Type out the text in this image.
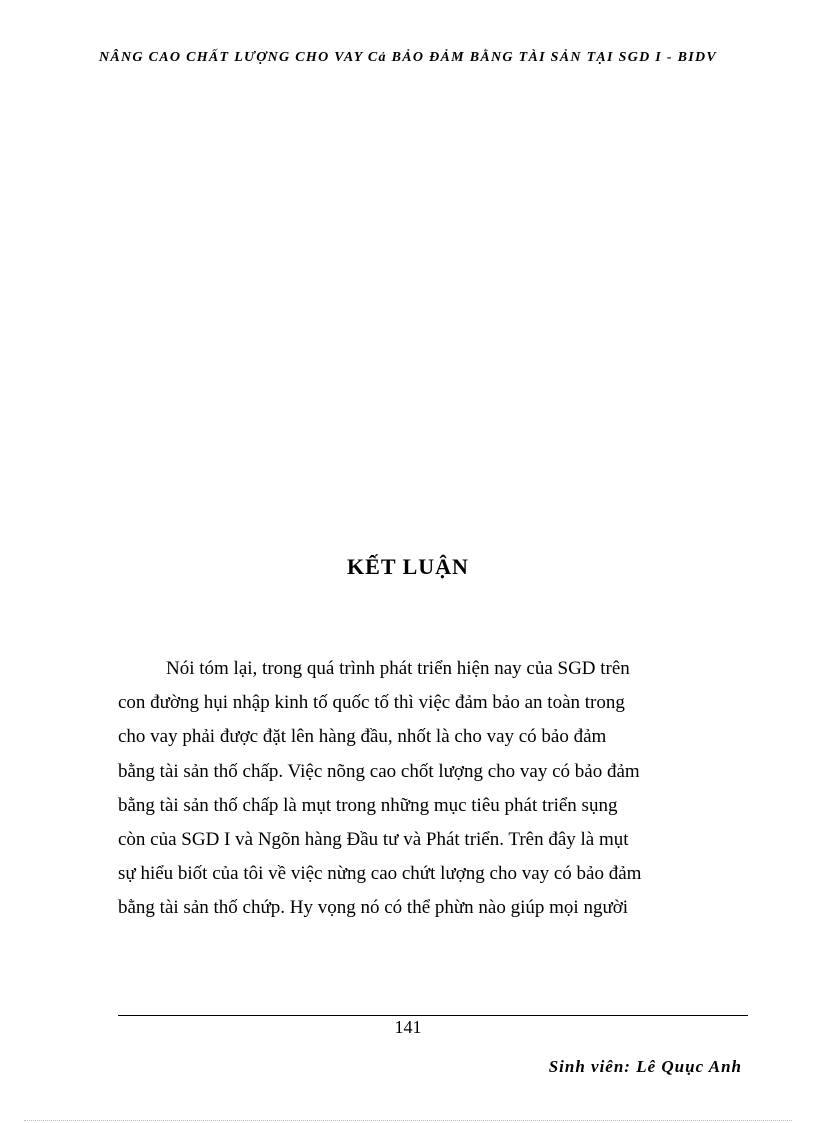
NÂNG CAO CHẤT LƯỢNG CHO VAY Cả BẢO ĐẢM BẰNG TÀI SẢN TẠI SGD I - BIDV
KẾT LUẬN
Nói tóm lại, trong quá trình phát triển hiện nay của SGD trên
con đường hụi nhập kinh tố quốc tố thì việc đảm bảo an toàn trong
cho vay phải được đặt lên hàng đầu, nhốt là cho vay có bảo đảm
bằng tài sản thố chấp. Việc nõng cao chốt lượng cho vay có bảo đảm
bằng tài sản thố chấp là mụt trong những mục tiêu phát triển sụng
còn của SGD I và Ngõn hàng Đầu tư và Phát triển. Trên đây là mụt
sự hiểu biốt của tôi về việc nừng cao chứt lượng cho vay có bảo đảm
bằng tài sản thố chứp. Hy vọng nó có thể phừn nào giúp mọi người
141
Sinh viên: Lê Quục Anh
